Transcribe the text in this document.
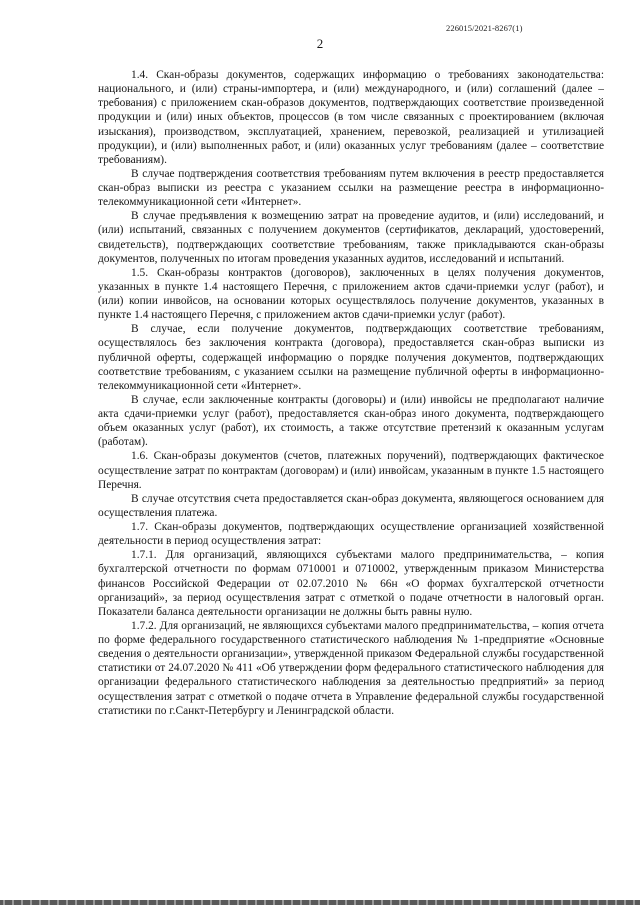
226015/2021-8267(1)
2

1.4. Скан-образы документов, содержащих информацию о требованиях законодательства: национального, и (или) страны-импортера, и (или) международного, и (или) соглашений (далее – требования) с приложением скан-образов документов, подтверждающих соответствие произведенной продукции и (или) иных объектов, процессов (в том числе связанных с проектированием (включая изыскания), производством, эксплуатацией, хранением, перевозкой, реализацией и утилизацией продукции), и (или) выполненных работ, и (или) оказанных услуг требованиям (далее – соответствие требованиям).

В случае подтверждения соответствия требованиям путем включения в реестр предоставляется скан-образ выписки из реестра с указанием ссылки на размещение реестра в информационно-телекоммуникационной сети «Интернет».

В случае предъявления к возмещению затрат на проведение аудитов, и (или) исследований, и (или) испытаний, связанных с получением документов (сертификатов, деклараций, удостоверений, свидетельств), подтверждающих соответствие требованиям, также прикладываются скан-образы документов, полученных по итогам проведения указанных аудитов, исследований и испытаний.

1.5. Скан-образы контрактов (договоров), заключенных в целях получения документов, указанных в пункте 1.4 настоящего Перечня, с приложением актов сдачи-приемки услуг (работ), и (или) копии инвойсов, на основании которых осуществлялось получение документов, указанных в пункте 1.4 настоящего Перечня, с приложением актов сдачи-приемки услуг (работ).

В случае, если получение документов, подтверждающих соответствие требованиям, осуществлялось без заключения контракта (договора), предоставляется скан-образ выписки из публичной оферты, содержащей информацию о порядке получения документов, подтверждающих соответствие требованиям, с указанием ссылки на размещение публичной оферты в информационно-телекоммуникационной сети «Интернет».

В случае, если заключенные контракты (договоры) и (или) инвойсы не предполагают наличие акта сдачи-приемки услуг (работ), предоставляется скан-образ иного документа, подтверждающего объем оказанных услуг (работ), их стоимость, а также отсутствие претензий к оказанным услугам (работам).

1.6. Скан-образы документов (счетов, платежных поручений), подтверждающих фактическое осуществление затрат по контрактам (договорам) и (или) инвойсам, указанным в пункте 1.5 настоящего Перечня.

В случае отсутствия счета предоставляется скан-образ документа, являющегося основанием для осуществления платежа.

1.7. Скан-образы документов, подтверждающих осуществление организацией хозяйственной деятельности в период осуществления затрат:

1.7.1. Для организаций, являющихся субъектами малого предпринимательства, – копия бухгалтерской отчетности по формам 0710001 и 0710002, утвержденным приказом Министерства финансов Российской Федерации от 02.07.2010 № 66н «О формах бухгалтерской отчетности организаций», за период осуществления затрат с отметкой о подаче отчетности в налоговый орган. Показатели баланса деятельности организации не должны быть равны нулю.

1.7.2. Для организаций, не являющихся субъектами малого предпринимательства, – копия отчета по форме федерального государственного статистического наблюдения № 1-предприятие «Основные сведения о деятельности организации», утвержденной приказом Федеральной службы государственной статистики от 24.07.2020 № 411 «Об утверждении форм федерального статистического наблюдения для организации федерального статистического наблюдения за деятельностью предприятий» за период осуществления затрат с отметкой о подаче отчета в Управление федеральной службы государственной статистики по г.Санкт-Петербургу и Ленинградской области.
